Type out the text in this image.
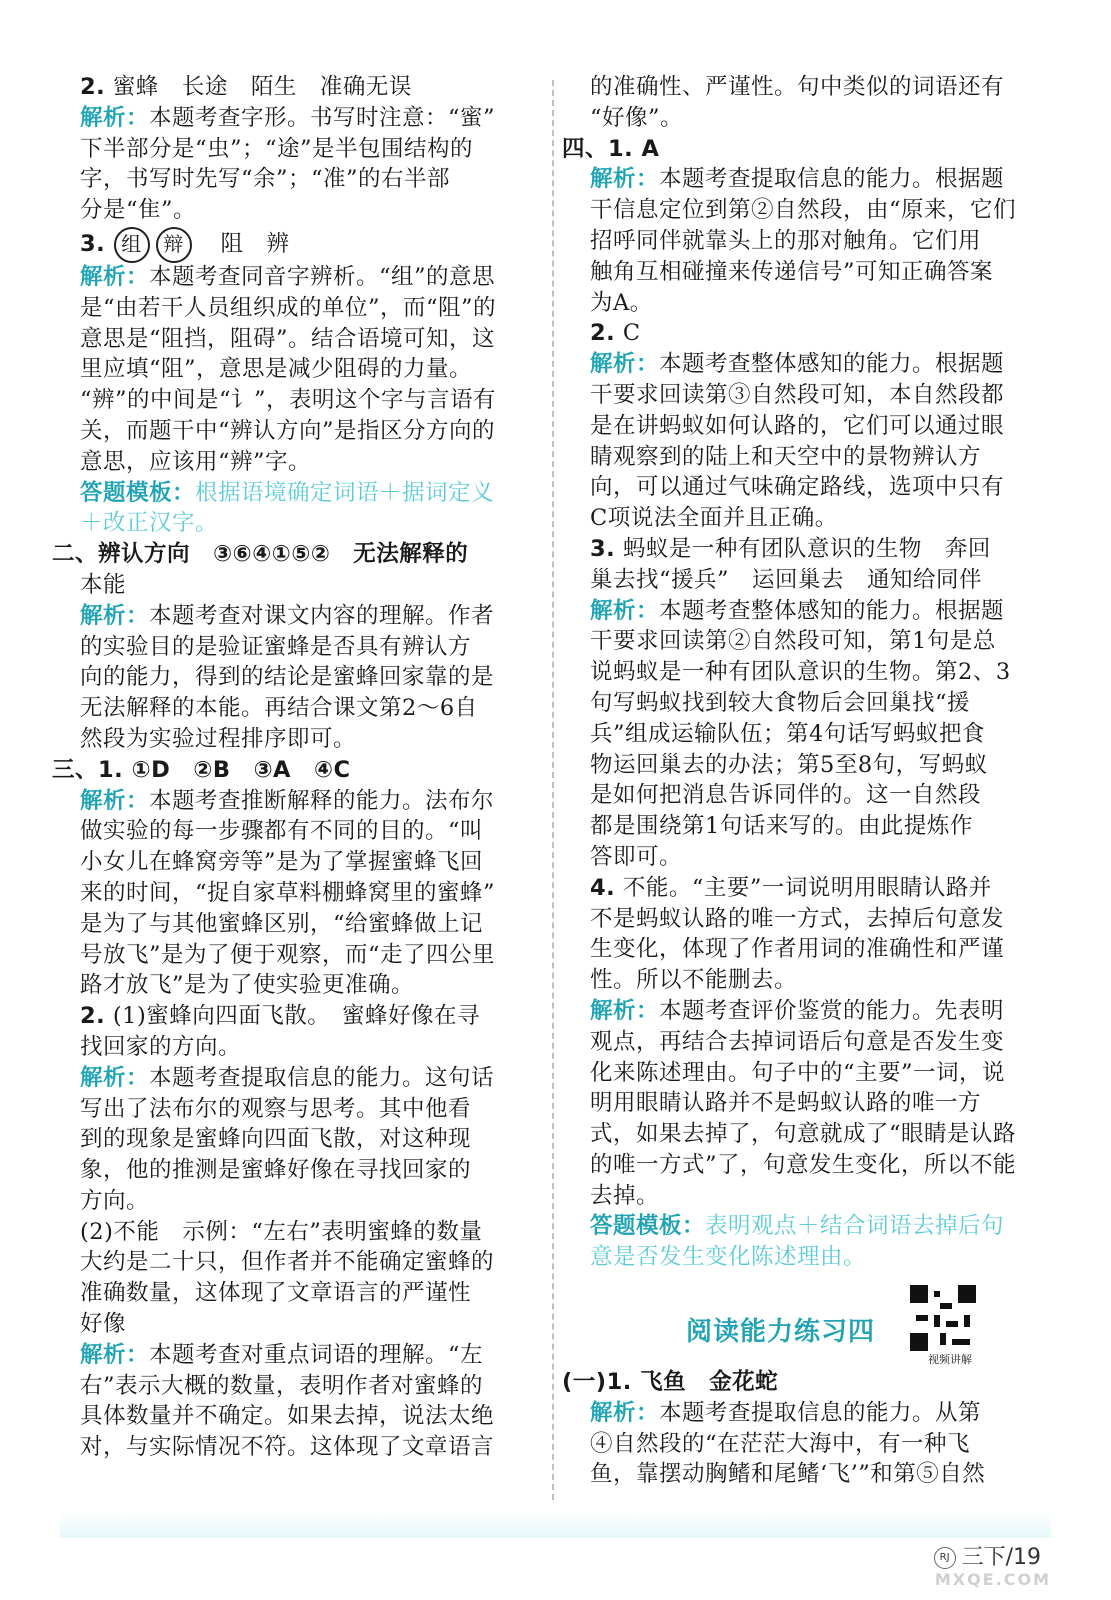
2. 蜜蜂　长途　陌生　准确无误
解析：本题考查字形。书写时注意：“蜜”
下半部分是“虫”；“途”是半包围结构的
字，书写时先写“余”；“准”的右半部
分是“隹”。
3. 组 辩　阻　辨
解析：本题考查同音字辨析。“组”的意思
是“由若干人员组织成的单位”，而“阻”的
意思是“阻挡，阻碍”。结合语境可知，这
里应填“阻”，意思是减少阻碍的力量。
“辨”的中间是“讠”，表明这个字与言语有
关，而题干中“辨认方向”是指区分方向的
意思，应该用“辨”字。
答题模板：根据语境确定词语＋据词定义
＋改正汉字。
二、辨认方向　③⑥④①⑤②　无法解释的
本能
解析：本题考查对课文内容的理解。作者
的实验目的是验证蜜蜂是否具有辨认方
向的能力，得到的结论是蜜蜂回家靠的是
无法解释的本能。再结合课文第2～6自
然段为实验过程排序即可。
三、1. ①D　②B　③A　④C
解析：本题考查推断解释的能力。法布尔
做实验的每一步骤都有不同的目的。“叫
小女儿在蜂窝旁等”是为了掌握蜜蜂飞回
来的时间，“捉自家草料棚蜂窝里的蜜蜂”
是为了与其他蜜蜂区别，“给蜜蜂做上记
号放飞”是为了便于观察，而“走了四公里
路才放飞”是为了使实验更准确。
2. (1)蜜蜂向四面飞散。　蜜蜂好像在寻
找回家的方向。
解析：本题考查提取信息的能力。这句话
写出了法布尔的观察与思考。其中他看
到的现象是蜜蜂向四面飞散，对这种现
象，他的推测是蜜蜂好像在寻找回家的
方向。
(2)不能　示例：“左右”表明蜜蜂的数量
大约是二十只，但作者并不能确定蜜蜂的
准确数量，这体现了文章语言的严谨性
好像
解析：本题考查对重点词语的理解。“左
右”表示大概的数量，表明作者对蜜蜂的
具体数量并不确定。如果去掉，说法太绝
对，与实际情况不符。这体现了文章语言
的准确性、严谨性。句中类似的词语还有
“好像”。
四、1. A
解析：本题考查提取信息的能力。根据题
干信息定位到第②自然段，由“原来，它们
招呼同伴就靠头上的那对触角。它们用
触角互相碰撞来传递信号”可知正确答案
为A。
2. C
解析：本题考查整体感知的能力。根据题
干要求回读第③自然段可知，本自然段都
是在讲蚂蚁如何认路的，它们可以通过眼
睛观察到的陆上和天空中的景物辨认方
向，可以通过气味确定路线，选项中只有
C项说法全面并且正确。
3. 蚂蚁是一种有团队意识的生物　奔回
巢去找“援兵”　运回巢去　通知给同伴
解析：本题考查整体感知的能力。根据题
干要求回读第②自然段可知，第1句是总
说蚂蚁是一种有团队意识的生物。第2、3
句写蚂蚁找到较大食物后会回巢找“援
兵”组成运输队伍；第4句话写蚂蚁把食
物运回巢去的办法；第5至8句，写蚂蚁
是如何把消息告诉同伴的。这一自然段
都是围绕第1句话来写的。由此提炼作
答即可。
4. 不能。“主要”一词说明用眼睛认路并
不是蚂蚁认路的唯一方式，去掉后句意发
生变化，体现了作者用词的准确性和严谨
性。所以不能删去。
解析：本题考查评价鉴赏的能力。先表明
观点，再结合去掉词语后句意是否发生变
化来陈述理由。句子中的“主要”一词，说
明用眼睛认路并不是蚂蚁认路的唯一方
式，如果去掉了，句意就成了“眼睛是认路
的唯一方式”了，句意发生变化，所以不能
去掉。
答题模板：表明观点＋结合词语去掉后句
意是否发生变化陈述理由。
阅读能力练习四
视频讲解
(一)1. 飞鱼　金花蛇
解析：本题考查提取信息的能力。从第
④自然段的“在茫茫大海中，有一种飞
鱼，靠摆动胸鳍和尾鳍‘飞’”和第⑤自然
RJ 三下/19
MXQE.COM
